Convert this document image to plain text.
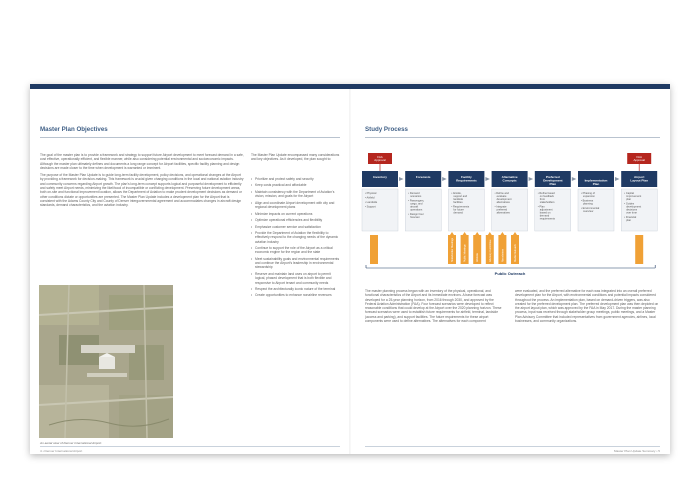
Master Plan Objectives

The goal of the master plan is to provide a framework and strategy to support future Airport development to meet forecast demand in a safe, cost effective, operationally efficient, and flexible manner, while also considering potential environmental and socioeconomic impacts. Although the master plan ultimately defines and documents a long range concept for Airport facilities, specific facility planning and design decisions are made closer to the time when development is warranted or imminent.

The purpose of the Master Plan Update is to guide long-term facility development, policy decisions, and operational changes at the Airport by providing a framework for decision-making. This framework is crucial given changing conditions in the local and national aviation industry and community concerns regarding Airport growth. The plan's long-term concept supports logical and purposeful development to efficiently and safely meet Airport needs, minimizing the likelihood of incompatible or conflicting development. Preserving future development areas, both on-site and functional improvement location, allows the Department of Aviation to make prudent development decisions as demand or other conditions dictate or opportunities are presented. The Master Plan Update includes a development plan for the Airport that is consistent with the Adams County City and County of Denver intergovernmental agreement and accommodates changes in aircraft design standards, demand characteristics, and the aviation industry.

The Master Plan Update encompassed many considerations and key objectives. As it developed, the plan sought to:
• Prioritize and protect safety and security
• Keep costs practical and affordable
• Maintain consistency with the Department of Aviation's vision, mission, and goals for the Airport
• Align and coordinate Airport development with city and regional development plans
• Minimize impacts on current operations
• Optimize operational efficiencies and flexibility
• Emphasize customer service and satisfaction
• Provide the Department of Aviation the flexibility to effectively respond to the changing needs of the dynamic aviation industry
• Continue to support the role of the Airport as a critical economic engine for the region and the state
• Meet sustainability goals and environmental requirements and continue the Airport's leadership in environmental stewardship
• Reserve and maintain land uses on airport to permit logical, phased development that is both flexible and responsive to Airport tenant and community needs
• Respect the architecturally iconic nature of the terminal
• Create opportunities to enhance nonairline revenues
An aerial view of Denver International Airport.
4 • Denver International Airport
Study Process
FAA Approval
FAA Approval
Inventory
• Physical
• Airfield
• Landside
• Support
Forecasts
• Demand scenarios
• Passengers, cargo, and aircraft operations
• Design hour forecast
Facility Requirements
• Airside, support and landside facilities
• Requirements for future demand
Alternative Concepts
• Define and evaluate development alternatives
• Integrate preferred alternatives
Preferred Development Plan
• Refine based on feedback from stakeholders
• Plan adjustment based on demand requirements
Implementation Plan
• Phasing of expansion
• Business planning
• Environmental overview
Airport Layout Plan
• Capital improvement plan
• Guides development decisions over time
• Financial plan
Stakeholder Meetings	Public Meetings	Website	Advisory Committee	Newsletters	Media Outreach
Public Outreach
The master planning process began with an inventory of the physical, operational, and functional characteristics of the Airport and its immediate environs. A base forecast was developed for a 25-year planning horizon, from 2016 through 2030, and approved by the Federal Aviation Administration (FAA). Four forecast scenarios were developed to reflect reasonable conditions that could develop at the Airport over the 2020 planning horizon. These forecast scenarios were used to establish future requirements for airfield, terminal, landside (access and parking), and support facilities. The future requirements for these airport components were used to define alternatives. The alternatives for each component
were evaluated, and the preferred alternative for each was integrated into an overall preferred development plan for the Airport, with environmental conditions and potential impacts considered throughout the process. An implementation plan, based on demand-driven triggers, was also created for the preferred development plan. The preferred development plan was then depicted on the airport layout plan, which was approved by the FAA in May 2017. During the master planning process, input was received through stakeholder group meetings, public meetings, and a Master Plan Advisory Committee that included representatives from government agencies, airlines, local businesses, and community organizations.
Master Plan Update Summary • 5
